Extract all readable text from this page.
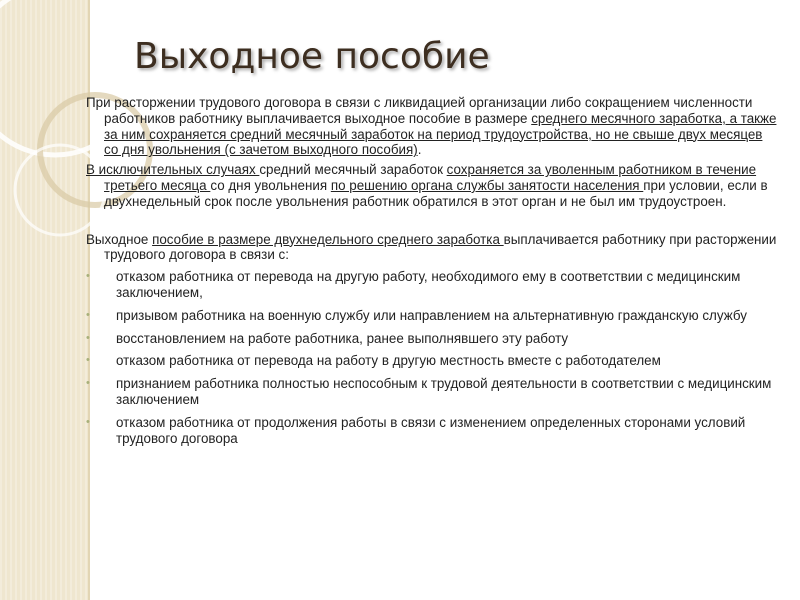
Выходное пособие

При расторжении трудового договора в связи с ликвидацией организации либо сокращением численности работников работнику выплачивается выходное пособие в размере среднего месячного заработка, а также за ним сохраняется средний месячный заработок на период трудоустройства, но не свыше двух месяцев со дня увольнения (с зачетом выходного пособия).

В исключительных случаях средний месячный заработок сохраняется за уволенным работником в течение третьего месяца со дня увольнения по решению органа службы занятости населения при условии, если в двухнедельный срок после увольнения работник обратился в этот орган и не был им трудоустроен.

Выходное пособие в размере двухнедельного среднего заработка выплачивается работнику при расторжении трудового договора в связи с:

• отказом работника от перевода на другую работу, необходимого ему в соответствии с медицинским заключением,
• призывом работника на военную службу или направлением на альтернативную гражданскую службу
• восстановлением на работе работника, ранее выполнявшего эту работу
• отказом работника от перевода на работу в другую местность вместе с работодателем
• признанием работника полностью неспособным к трудовой деятельности в соответствии с медицинским заключением
• отказом работника от продолжения работы в связи с изменением определенных сторонами условий трудового договора
